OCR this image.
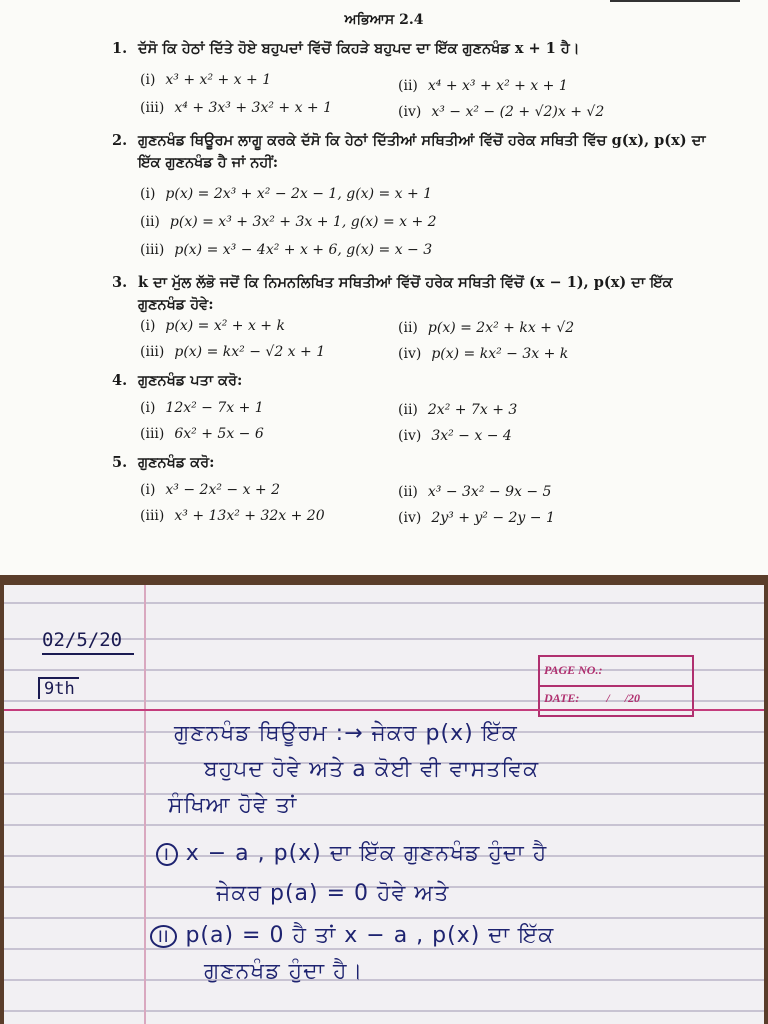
ਅਭਿਆਸ 2.4
1. ਦੱਸੋ ਕਿ ਹੇਠਾਂ ਦਿੱਤੇ ਹੋਏ ਬਹੁਪਦਾਂ ਵਿੱਚੋਂ ਕਿਹੜੇ ਬਹੁਪਦ ਦਾ ਇੱਕ ਗੁਣਨਖੰਡ x + 1 ਹੈ।
(i) x³ + x² + x + 1	(ii) x⁴ + x³ + x² + x + 1
(iii) x⁴ + 3x³ + 3x² + x + 1	(iv) x³ − x² − (2 + √2)x + √2
2. ਗੁਣਨਖੰਡ ਥਿਊਰਮ ਲਾਗੂ ਕਰਕੇ ਦੱਸੋ ਕਿ ਹੇਠਾਂ ਦਿੱਤੀਆਂ ਸਥਿਤੀਆਂ ਵਿੱਚੋਂ ਹਰੇਕ ਸਥਿਤੀ ਵਿੱਚ g(x), p(x) ਦਾ ਇੱਕ ਗੁਣਨਖੰਡ ਹੈ ਜਾਂ ਨਹੀਂ:
(i) p(x) = 2x³ + x² − 2x − 1, g(x) = x + 1
(ii) p(x) = x³ + 3x² + 3x + 1, g(x) = x + 2
(iii) p(x) = x³ − 4x² + x + 6, g(x) = x − 3
3. k ਦਾ ਮੁੱਲ ਲੱਭੋ ਜਦੋਂ ਕਿ ਨਿਮਨਲਿਖਿਤ ਸਥਿਤੀਆਂ ਵਿੱਚੋਂ ਹਰੇਕ ਸਥਿਤੀ ਵਿੱਚੋਂ (x − 1), p(x) ਦਾ ਇੱਕ ਗੁਣਨਖੰਡ ਹੋਵੇ:
(i) p(x) = x² + x + k	(ii) p(x) = 2x² + kx + √2
(iii) p(x) = kx² − √2 x + 1	(iv) p(x) = kx² − 3x + k
4. ਗੁਣਨਖੰਡ ਪਤਾ ਕਰੋ:
(i) 12x² − 7x + 1	(ii) 2x² + 7x + 3
(iii) 6x² + 5x − 6	(iv) 3x² − x − 4
5. ਗੁਣਨਖੰਡ ਕਰੋ:
(i) x³ − 2x² − x + 2	(ii) x³ − 3x² − 9x − 5
(iii) x³ + 13x² + 32x + 20	(iv) 2y³ + y² − 2y − 1
02/5/20
9th
PAGE NO.:
DATE: / /20
ਗੁਣਨਖੰਡ ਥਿਊਰਮ :→ ਜੇਕਰ p(x) ਇੱਕ
ਬਹੁਪਦ ਹੋਵੇ ਅਤੇ a ਕੋਈ ਵੀ ਵਾਸਤਵਿਕ
ਸੰਖਿਆ ਹੋਵੇ ਤਾਂ
I x − a , p(x) ਦਾ ਇੱਕ ਗੁਣਨਖੰਡ ਹੁੰਦਾ ਹੈ
ਜੇਕਰ p(a) = 0 ਹੋਵੇ ਅਤੇ
II p(a) = 0 ਹੈ ਤਾਂ x − a , p(x) ਦਾ ਇੱਕ
ਗੁਣਨਖੰਡ ਹੁੰਦਾ ਹੈ।
